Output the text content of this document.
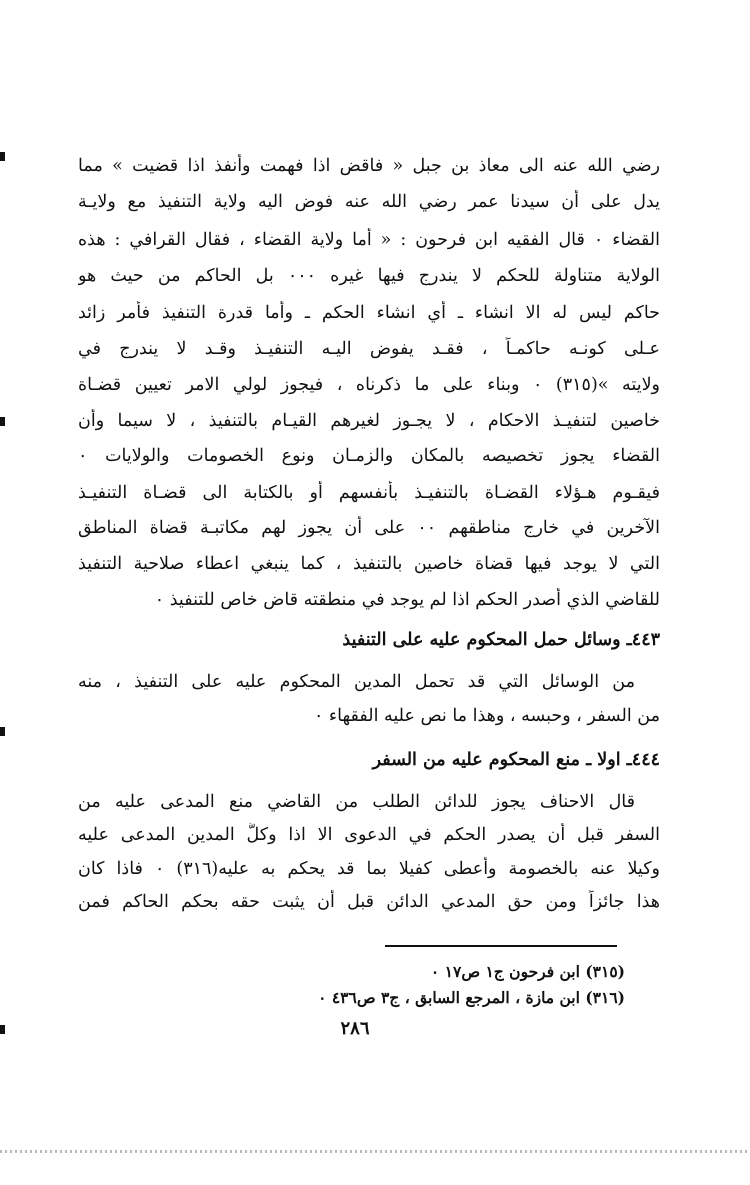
رضي الله عنه الى معاذ بن جبل « فاقض اذا فهمت وأنفذ اذا قضيت » مما
يدل على أن سيدنا عمر رضي الله عنه فوض اليه ولاية التنفيذ مع ولايـة
القضاء ٠ قال الفقيه ابن فرحون : « أما ولاية القضاء ، فقال القرافي : هذه
الولاية متناولة للحكم لا يندرج فيها غيره ٠٠٠ بل الحاكم من حيث هو
حاكم ليس له الا انشاء ـ أي انشاء الحكم ـ وأما قدرة التنفيذ فأمر زائد
عـلى كونـه حاكمـاً ، فقـد يفوض اليـه التنفيـذ وقـد لا يندرج في
ولايته »(٣١٥) ٠ وبناء على ما ذكرناه ، فيجوز لولي الامر تعيين قضـاة
خاصين لتنفيـذ الاحكام ، لا يجـوز لغيرهم القيـام بالتنفيذ ، لا سيما وأن
القضاء يجوز تخصيصه بالمكان والزمـان ونوع الخصومات والولايات ٠
فيقـوم هـؤلاء القضـاة بالتنفيـذ بأنفسهم أو بالكتابة الى قضـاة التنفيـذ
الآخرين في خارج مناطقهم ٠٠ على أن يجوز لهم مكاتبـة قضاة المناطق
التي لا يوجد فيها قضاة خاصين بالتنفيذ ، كما ينبغي اعطاء صلاحية التنفيذ
للقاضي الذي أصدر الحكم اذا لم يوجد في منطقته قاض خاص للتنفيذ ٠
٤٤٣ـ وسائل حمل المحكوم عليه على التنفيذ
من الوسائل التي قد تحمل المدين المحكوم عليه على التنفيذ ، منه
من السفر ، وحبسه ، وهذا ما نص عليه الفقهاء ٠
٤٤٤ـ اولا ـ منع المحكوم عليه من السفر
قال الاحناف يجوز للدائن الطلب من القاضي منع المدعى عليه من
السفر قبل أن يصدر الحكم في الدعوى الا اذا وكلَّ المدين المدعى عليه
وكيلا عنه بالخصومة وأعطى كفيلا بما قد يحكم به عليه(٣١٦) ٠ فاذا كان
هذا جائزاً ومن حق المدعي الدائن قبل أن يثبت حقه بحكم الحاكم فمن
(٣١٥) ابن فرحون ج١ ص١٧ ٠
(٣١٦) ابن مازة ، المرجع السابق ، ج٣ ص٤٣٦ ٠
٢٨٦
